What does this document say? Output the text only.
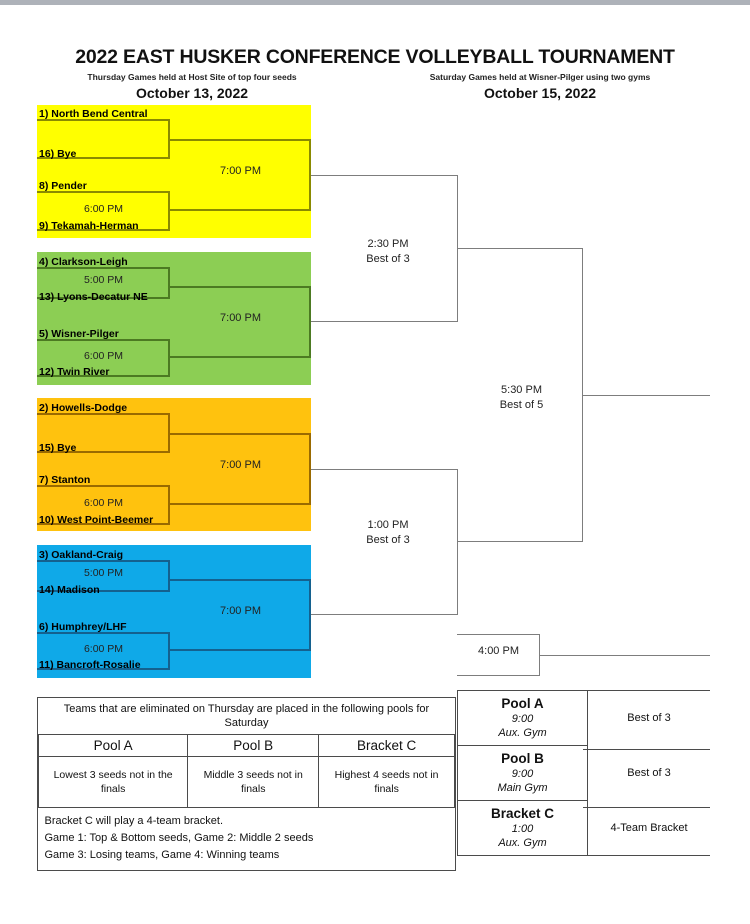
2022 EAST HUSKER CONFERENCE VOLLEYBALL TOURNAMENT
Thursday Games held at Host Site of top four seeds	Saturday Games held at Wisner-Pilger using two gyms
October 13, 2022	October 15, 2022
1) North Bend Central
16) Bye
8) Pender
6:00 PM
9) Tekamah-Herman
7:00 PM
4) Clarkson-Leigh
5:00 PM
13) Lyons-Decatur NE
5) Wisner-Pilger
6:00 PM
12) Twin River
7:00 PM
2) Howells-Dodge
15) Bye
7) Stanton
6:00 PM
10) West Point-Beemer
7:00 PM
3) Oakland-Craig
5:00 PM
14) Madison
6) Humphrey/LHF
6:00 PM
11) Bancroft-Rosalie
7:00 PM
2:30 PM
Best of 3
1:00 PM
Best of 3
5:30 PM
Best of 5
4:00 PM
Teams that are eliminated on Thursday are placed in the following pools for Saturday		
Pool A	Pool B	Bracket C
Lowest 3 seeds not in the finals	Middle 3 seeds not in finals	Highest 4 seeds not in finals

Bracket C will play a 4-team bracket.
Game 1: Top & Bottom seeds, Game 2: Middle 2 seeds
Game 3: Losing teams, Game 4: Winning teams		
Pool A
9:00
Aux. Gym	Best of 3

Pool B
9:00
Main Gym	Best of 3

Bracket C
1:00
Aux. Gym	4-Team Bracket
